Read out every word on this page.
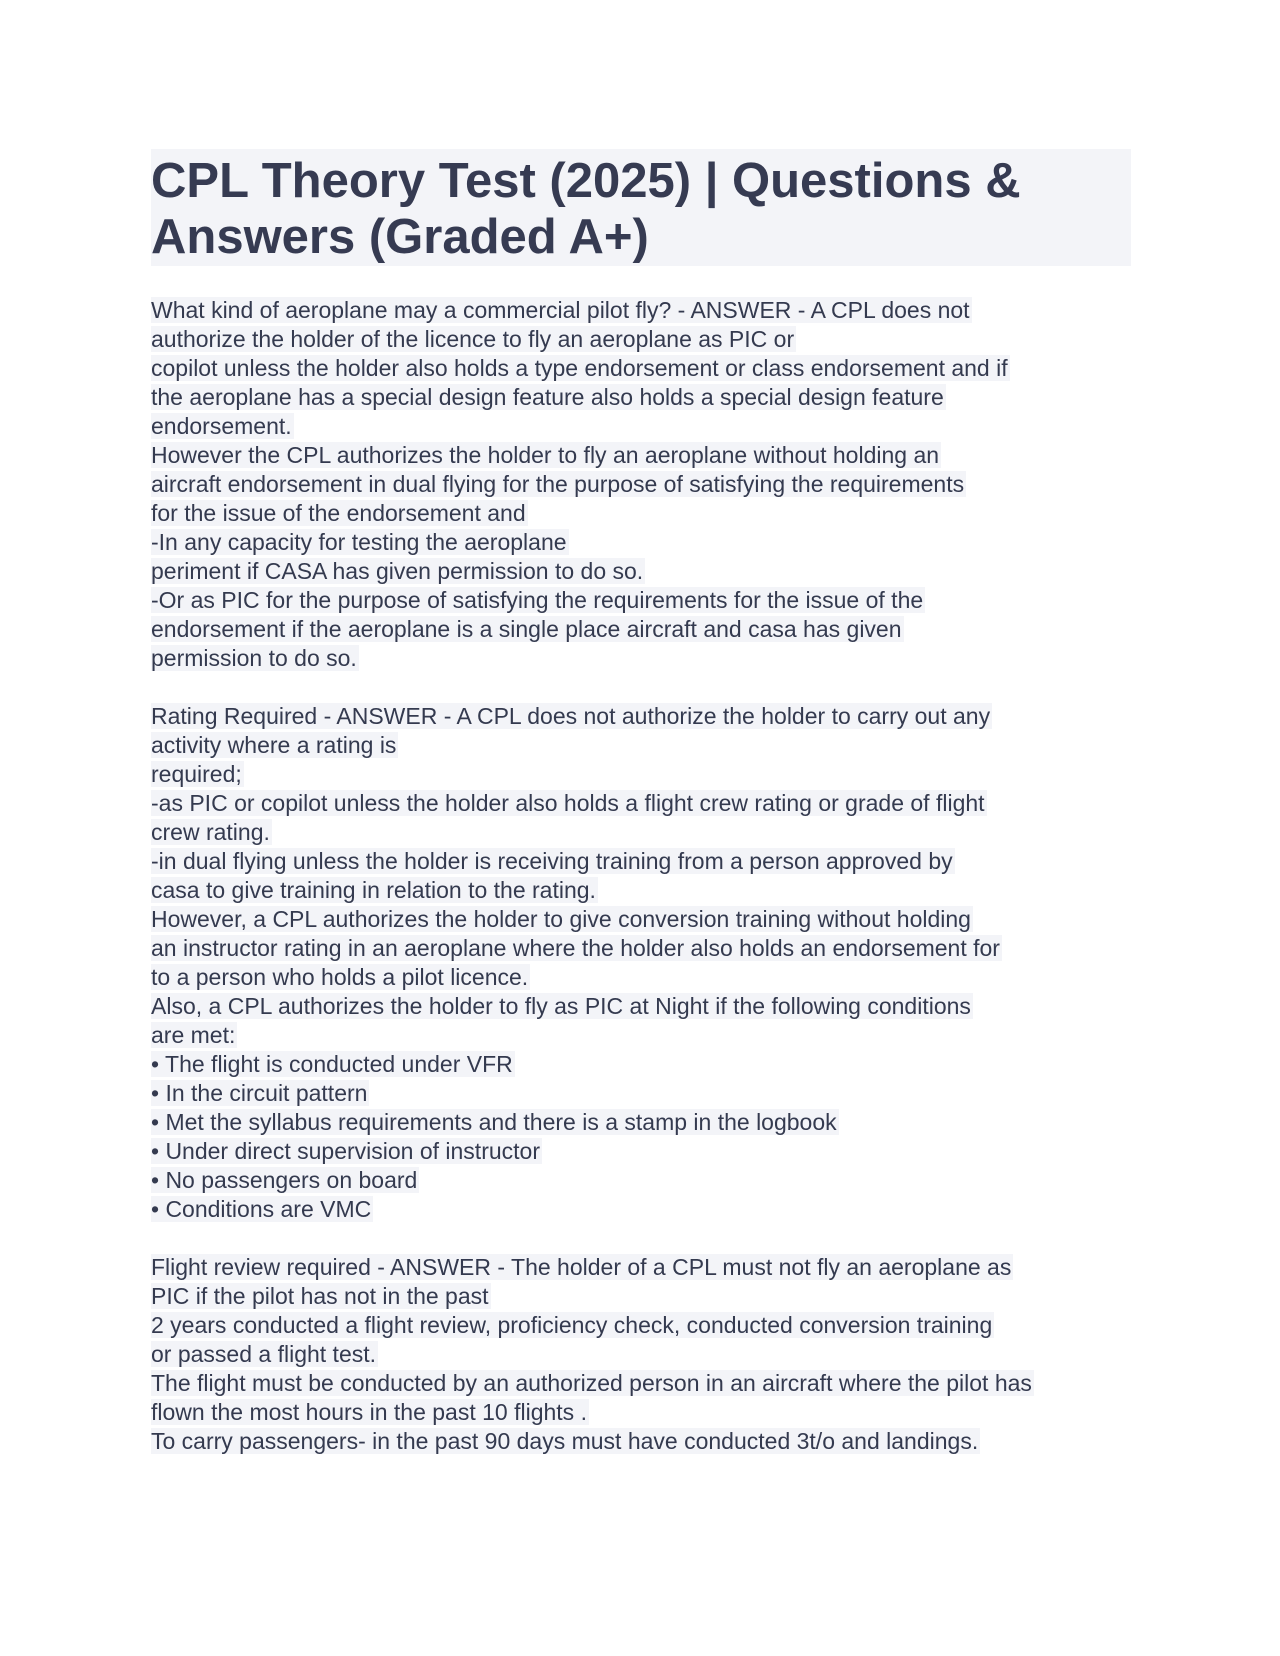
CPL Theory Test (2025) | Questions &
Answers (Graded A+)
What kind of aeroplane may a commercial pilot fly? - ANSWER - A CPL does not
authorize the holder of the licence to fly an aeroplane as PIC or
copilot unless the holder also holds a type endorsement or class endorsement and if
the aeroplane has a special design feature also holds a special design feature
endorsement.
However the CPL authorizes the holder to fly an aeroplane without holding an
aircraft endorsement in dual flying for the purpose of satisfying the requirements
for the issue of the endorsement and
-In any capacity for testing the aeroplane
periment if CASA has given permission to do so.
-Or as PIC for the purpose of satisfying the requirements for the issue of the
endorsement if the aeroplane is a single place aircraft and casa has given
permission to do so.
Rating Required - ANSWER - A CPL does not authorize the holder to carry out any
activity where a rating is
required;
-as PIC or copilot unless the holder also holds a flight crew rating or grade of flight
crew rating.
-in dual flying unless the holder is receiving training from a person approved by
casa to give training in relation to the rating.
However, a CPL authorizes the holder to give conversion training without holding
an instructor rating in an aeroplane where the holder also holds an endorsement for
to a person who holds a pilot licence.
Also, a CPL authorizes the holder to fly as PIC at Night if the following conditions
are met:
• The flight is conducted under VFR
• In the circuit pattern
• Met the syllabus requirements and there is a stamp in the logbook
• Under direct supervision of instructor
• No passengers on board
• Conditions are VMC
Flight review required - ANSWER - The holder of a CPL must not fly an aeroplane as
PIC if the pilot has not in the past
2 years conducted a flight review, proficiency check, conducted conversion training
or passed a flight test.
The flight must be conducted by an authorized person in an aircraft where the pilot has
flown the most hours in the past 10 flights .
To carry passengers- in the past 90 days must have conducted 3t/o and landings.
